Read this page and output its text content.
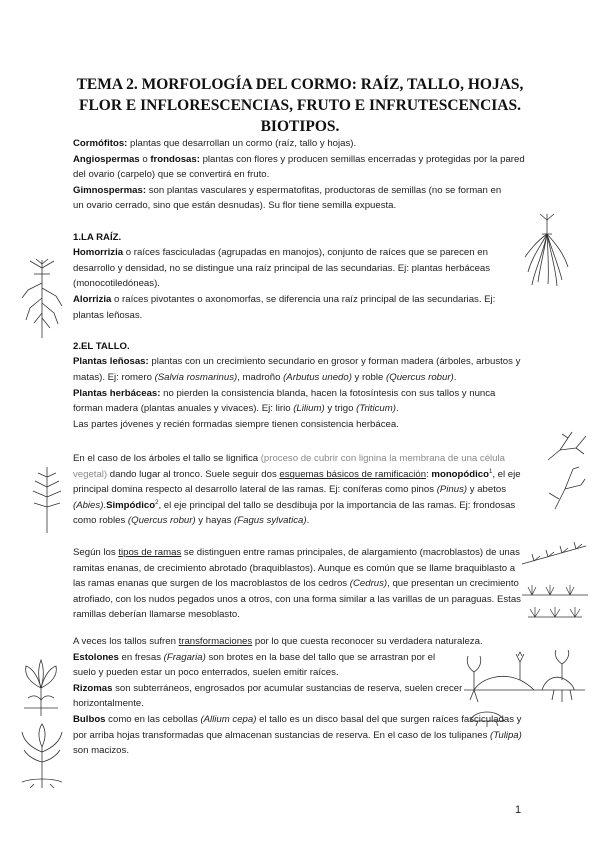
TEMA 2. MORFOLOGÍA DEL CORMO: RAÍZ, TALLO, HOJAS,
FLOR E INFLORESCENCIAS, FRUTO E INFRUTESCENCIAS.
BIOTIPOS.

Cormófitos: plantas que desarrollan un cormo (raíz, tallo y hojas).

Angiospermas o frondosas: plantas con flores y producen semillas encerradas y protegidas por la pared del ovario (carpelo) que se convertirá en fruto.

Gimnospermas: son plantas vasculares y espermatofitas, productoras de semillas (no se forman en un ovario cerrado, sino que están desnudas). Su flor tiene semilla expuesta.

1.LA RAÍZ.

Homorrizia o raíces fasciculadas (agrupadas en manojos), conjunto de raíces que se parecen en desarrollo y densidad, no se distingue una raíz principal de las secundarias. Ej: plantas herbáceas (monocotiledóneas).

Alorrizia o raíces pivotantes o axonomorfas, se diferencia una raíz principal de las secundarias. Ej: plantas leñosas.

2.EL TALLO.

Plantas leñosas: plantas con un crecimiento secundario en grosor y forman madera (árboles, arbustos y matas). Ej: romero (Salvia rosmarinus), madroño (Arbutus unedo) y roble (Quercus robur).

Plantas herbáceas: no pierden la consistencia blanda, hacen la fotosíntesis con sus tallos y nunca forman madera (plantas anuales y vivaces). Ej: lirio (Lilium) y trigo (Triticum).

Las partes jóvenes y recién formadas siempre tienen consistencia herbácea.

En el caso de los árboles el tallo se lignifica (proceso de cubrir con lignina la membrana de una célula vegetal) dando lugar al tronco. Suele seguir dos esquemas básicos de ramificación: monopódico$^1$, el eje principal domina respecto al desarrollo lateral de las ramas. Ej: coníferas como pinos (Pinus) y abetos (Abies).Simpódico$^2$, el eje principal del tallo se desdibuja por la importancia de las ramas. Ej: frondosas como robles (Quercus robur) y hayas (Fagus sylvatica).

Según los tipos de ramas se distinguen entre ramas principales, de alargamiento (macroblastos) de unas ramitas enanas, de crecimiento abrotado (braquiblastos). Aunque es común que se llame braquiblasto a las ramas enanas que surgen de los macroblastos de los cedros (Cedrus), que presentan un crecimiento atrofiado, con los nudos pegados unos a otros, con una forma similar a las varillas de un paraguas. Estas ramillas deberían llamarse mesoblasto.

A veces los tallos sufren transformaciones por lo que cuesta reconocer su verdadera naturaleza.

Estolones en fresas (Fragaria) son brotes en la base del tallo que se arrastran por el suelo y pueden estar un poco enterrados, suelen emitir raíces.

Rizomas son subterráneos, engrosados por acumular sustancias de reserva, suelen crecer horizontalmente.

Bulbos como en las cebollas (Allium cepa) el tallo es un disco basal del que surgen raíces fasciculadas y por arriba hojas transformadas que almacenan sustancias de reserva. En el caso de los tulipanes (Tulipa) son macizos.

1
